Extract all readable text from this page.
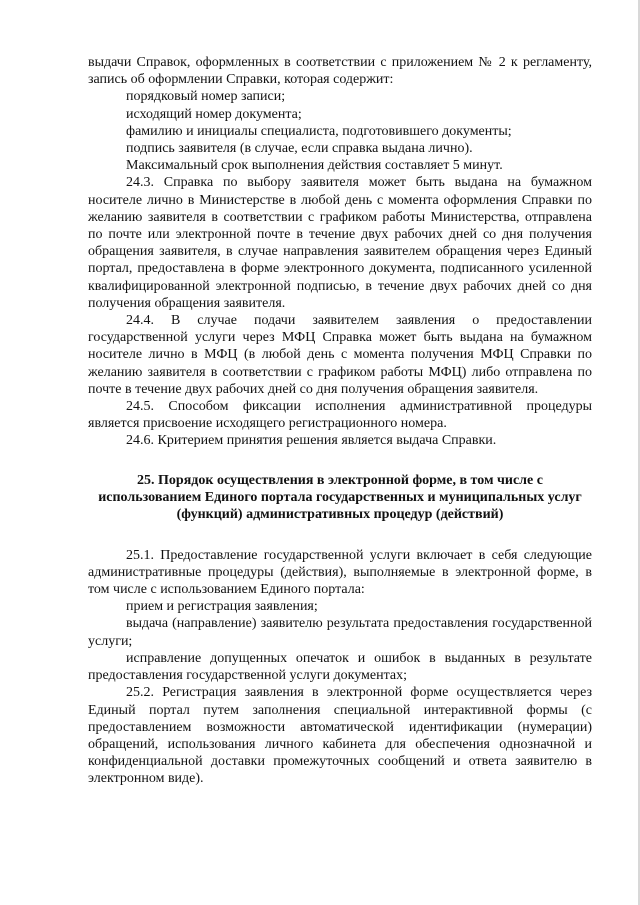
выдачи Справок, оформленных в соответствии с приложением № 2 к регламенту, запись об оформлении Справки, которая содержит:

порядковый номер записи;

исходящий номер документа;

фамилию и инициалы специалиста, подготовившего документы;

подпись заявителя (в случае, если справка выдана лично).

Максимальный срок выполнения действия составляет 5 минут.

24.3. Справка по выбору заявителя может быть выдана на бумажном носителе лично в Министерстве в любой день с момента оформления Справки по желанию заявителя в соответствии с графиком работы Министерства, отправлена по почте или электронной почте в течение двух рабочих дней со дня получения обращения заявителя, в случае направления заявителем обращения через Единый портал, предоставлена в форме электронного документа, подписанного усиленной квалифицированной электронной подписью, в течение двух рабочих дней со дня получения обращения заявителя.

24.4. В случае подачи заявителем заявления о предоставлении государственной услуги через МФЦ Справка может быть выдана на бумажном носителе лично в МФЦ (в любой день с момента получения МФЦ Справки по желанию заявителя в соответствии с графиком работы МФЦ) либо отправлена по почте в течение двух рабочих дней со дня получения обращения заявителя.

24.5. Способом фиксации исполнения административной процедуры является присвоение исходящего регистрационного номера.

24.6. Критерием принятия решения является выдача Справки.

25. Порядок осуществления в электронной форме, в том числе с использованием Единого портала государственных и муниципальных услуг (функций) административных процедур (действий)

25.1. Предоставление государственной услуги включает в себя следующие административные процедуры (действия), выполняемые в электронной форме, в том числе с использованием Единого портала:

прием и регистрация заявления;

выдача (направление) заявителю результата предоставления государственной услуги;

исправление допущенных опечаток и ошибок в выданных в результате предоставления государственной услуги документах;

25.2. Регистрация заявления в электронной форме осуществляется через Единый портал путем заполнения специальной интерактивной формы (с предоставлением возможности автоматической идентификации (нумерации) обращений, использования личного кабинета для обеспечения однозначной и конфиденциальной доставки промежуточных сообщений и ответа заявителю в электронном виде).
